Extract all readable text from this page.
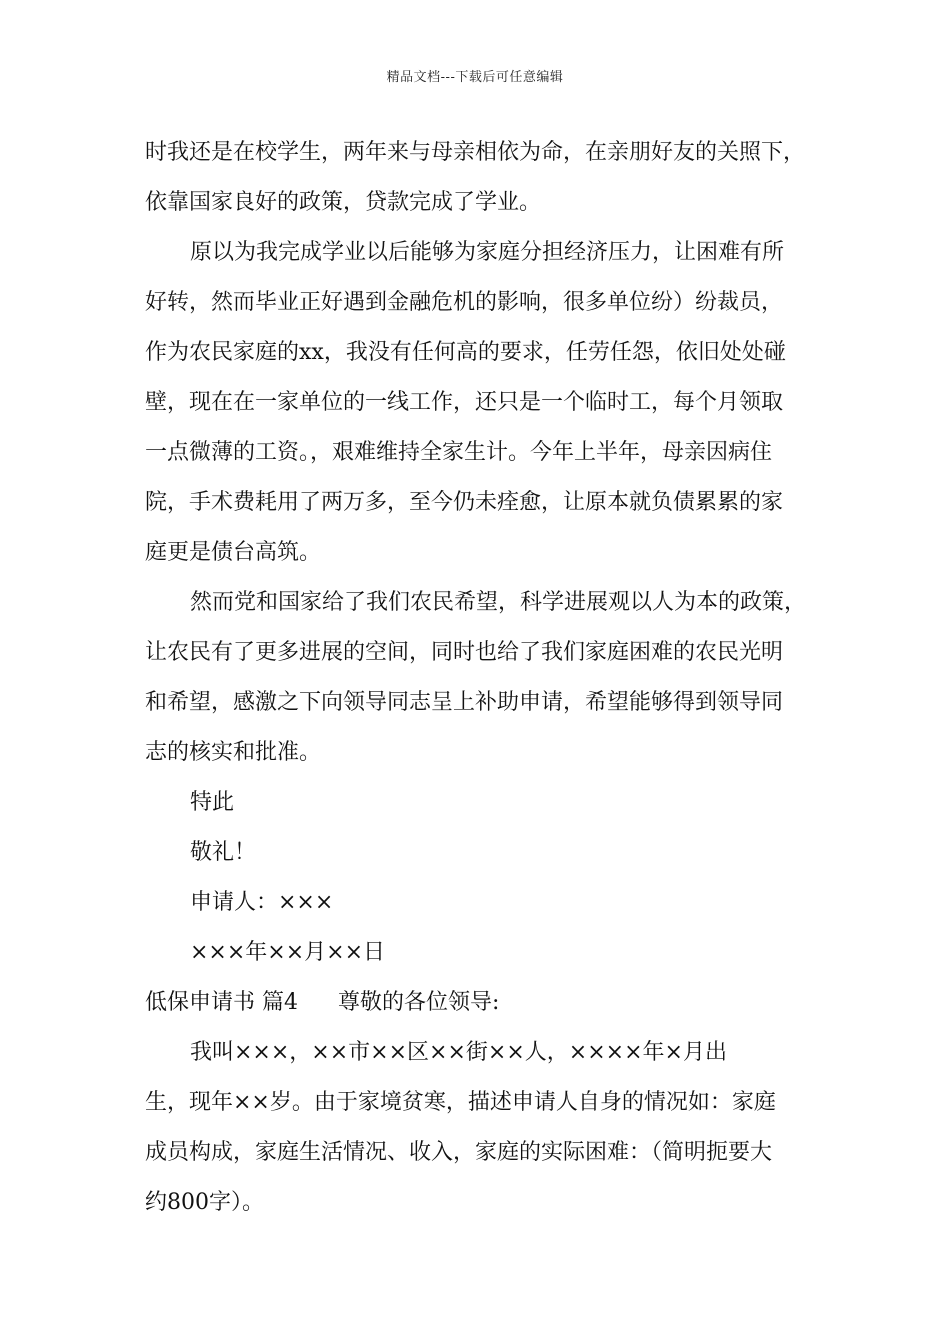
精品文档---下载后可任意编辑
时我还是在校学生，两年来与母亲相依为命，在亲朋好友的关照下，
依靠国家良好的政策，贷款完成了学业。
原以为我完成学业以后能够为家庭分担经济压力，让困难有所
好转，然而毕业正好遇到金融危机的影响，很多单位纷）纷裁员，
作为农民家庭的xx，我没有任何高的要求，任劳任怨，依旧处处碰
壁，现在在一家单位的一线工作，还只是一个临时工，每个月领取
一点微薄的工资。，艰难维持全家生计。今年上半年，母亲因病住
院，手术费耗用了两万多，至今仍未痊愈，让原本就负债累累的家
庭更是债台高筑。
然而党和国家给了我们农民希望，科学进展观以人为本的政策，
让农民有了更多进展的空间，同时也给了我们家庭困难的农民光明
和希望，感激之下向领导同志呈上补助申请，希望能够得到领导同
志的核实和批准。
特此
敬礼！
申请人：×××
×××年××月××日
低保申请书 篇4 尊敬的各位领导:
我叫×××，××市××区××街××人，××××年×月出
生，现年××岁。由于家境贫寒，描述申请人自身的情况如：家庭
成员构成，家庭生活情况、收入，家庭的实际困难：（简明扼要大
约800字）。
